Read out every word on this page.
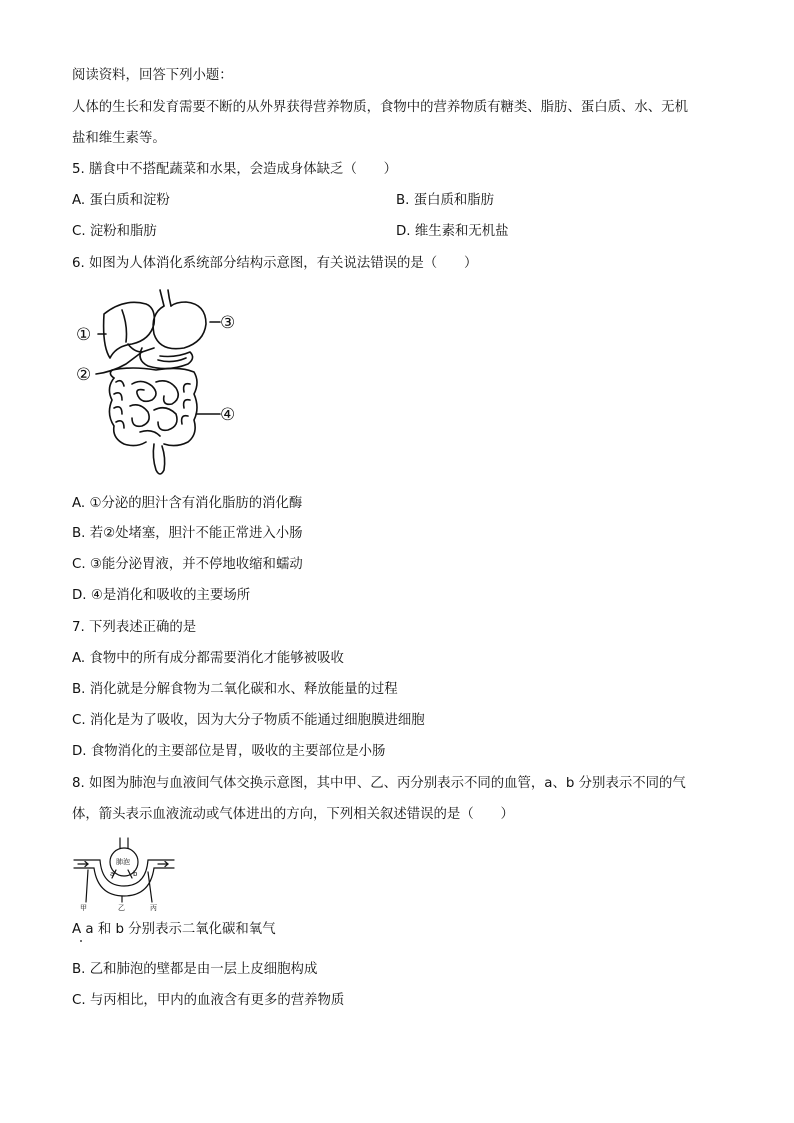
阅读资料，回答下列小题：
人体的生长和发育需要不断的从外界获得营养物质，食物中的营养物质有糖类、脂肪、蛋白质、水、无机
盐和维生素等。
5. 膳食中不搭配蔬菜和水果，会造成身体缺乏（　　）
A. 蛋白质和淀粉	B. 蛋白质和脂肪
C. 淀粉和脂肪	D. 维生素和无机盐
6. 如图为人体消化系统部分结构示意图，有关说法错误的是（　　）
①
②
③
④
A. ①分泌的胆汁含有消化脂肪的消化酶
B. 若②处堵塞，胆汁不能正常进入小肠
C. ③能分泌胃液，并不停地收缩和蠕动
D. ④是消化和吸收的主要场所
7. 下列表述正确的是
A. 食物中的所有成分都需要消化才能够被吸收
B. 消化就是分解食物为二氧化碳和水、释放能量的过程
C. 消化是为了吸收，因为大分子物质不能通过细胞膜进细胞
D. 食物消化的主要部位是胃，吸收的主要部位是小肠
8. 如图为肺泡与血液间气体交换示意图，其中甲、乙、丙分别表示不同的血管，a、b 分别表示不同的气
体，箭头表示血液流动或气体进出的方向，下列相关叙述错误的是（　　）
肺泡
a	b
甲	乙	丙
A a 和 b 分别表示二氧化碳和氧气
B. 乙和肺泡的壁都是由一层上皮细胞构成
C. 与丙相比，甲内的血液含有更多的营养物质
